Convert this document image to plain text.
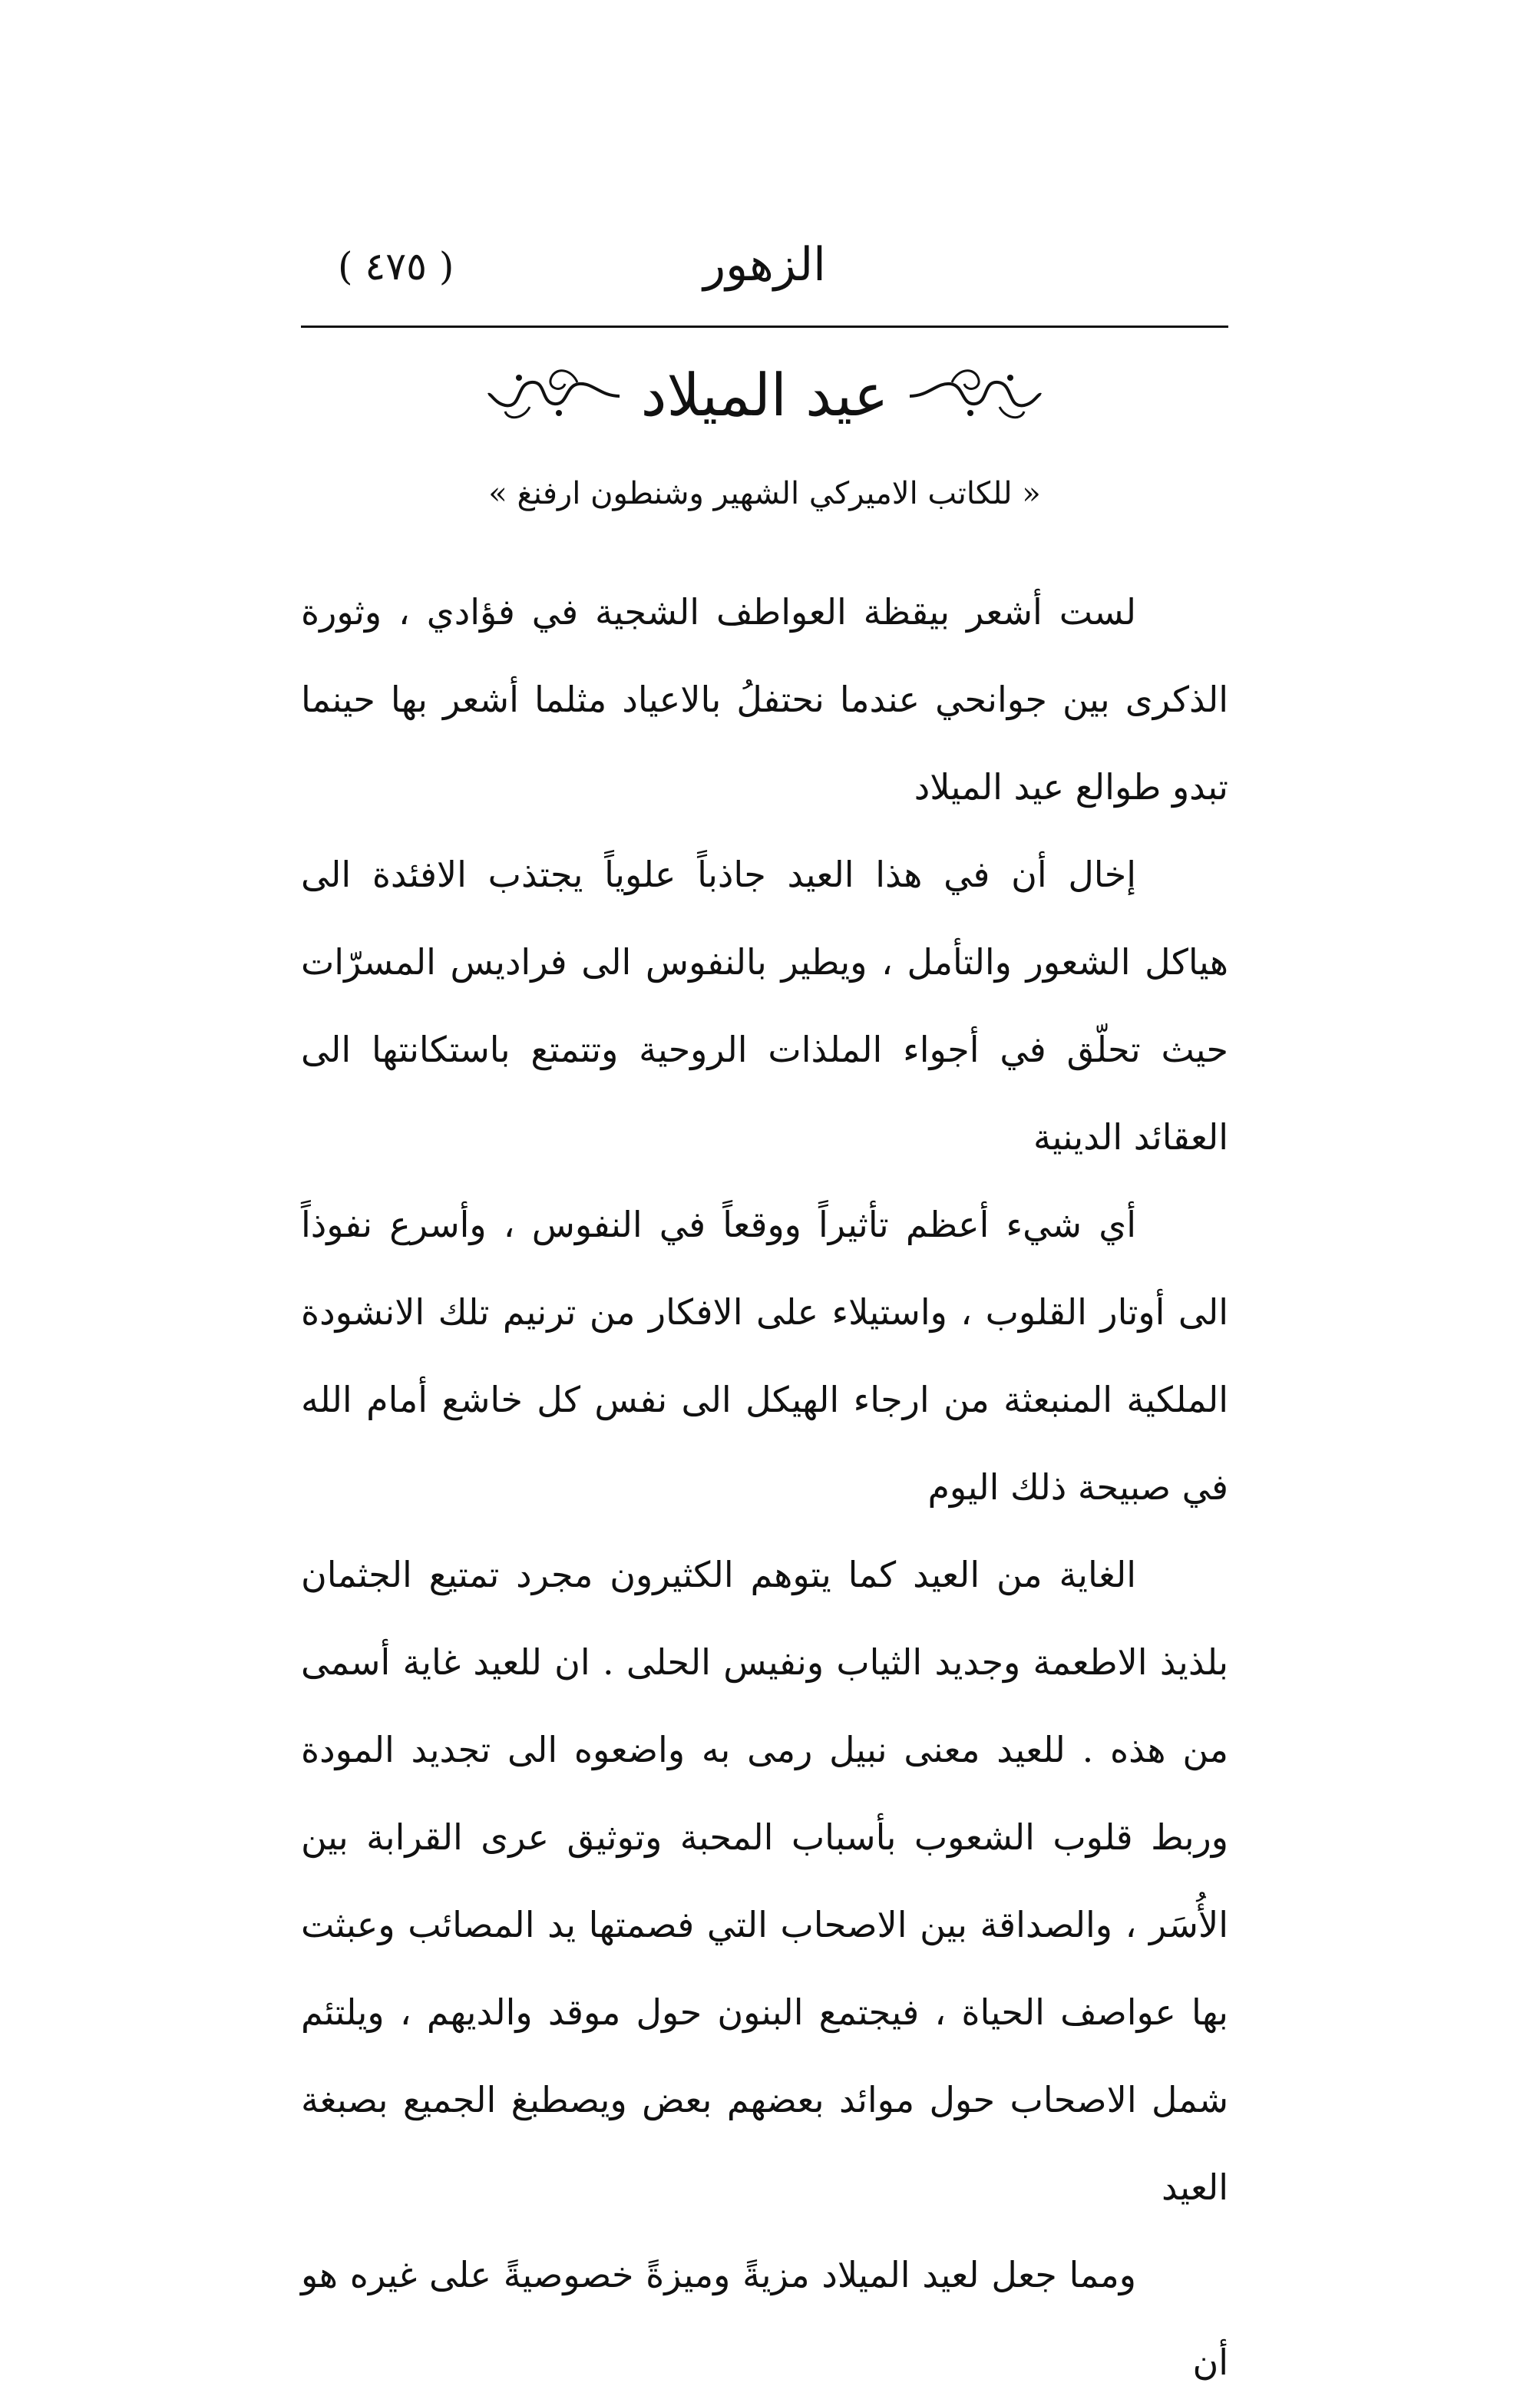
( ٤٧٥ )	الزهور
عيد الميلاد
« للكاتب الاميركي الشهير وشنطون ارفنغ »

لست أشعر بيقظة العواطف الشجية في فؤادي ، وثورة الذكرى بين جوانحي عندما نحتفلُ بالاعياد مثلما أشعر بها حينما تبدو طوالع عيد الميلاد

إخال أن في هذا العيد جاذباً علوياً يجتذب الافئدة الى هياكل الشعور والتأمل ، ويطير بالنفوس الى فراديس المسرّات حيث تحلّق في أجواء الملذات الروحية وتتمتع باستكانتها الى العقائد الدينية

أي شيء أعظم تأثيراً ووقعاً في النفوس ، وأسرع نفوذاً الى أوتار القلوب ، واستيلاء على الافكار من ترنيم تلك الانشودة الملكية المنبعثة من ارجاء الهيكل الى نفس كل خاشع أمام الله في صبيحة ذلك اليوم

الغاية من العيد كما يتوهم الكثيرون مجرد تمتيع الجثمان بلذيذ الاطعمة وجديد الثياب ونفيس الحلى . ان للعيد غاية أسمى من هذه . للعيد معنى نبيل رمى به واضعوه الى تجديد المودة وربط قلوب الشعوب بأسباب المحبة وتوثيق عرى القرابة بين الأُسَر ، والصداقة بين الاصحاب التي فصمتها يد المصائب وعبثت بها عواصف الحياة ، فيجتمع البنون حول موقد والديهم ، ويلتئم شمل الاصحاب حول موائد بعضهم بعض ويصطبغ الجميع بصبغة العيد

ومما جعل لعيد الميلاد مزيةً وميزةً خصوصيةً على غيره هو أن
